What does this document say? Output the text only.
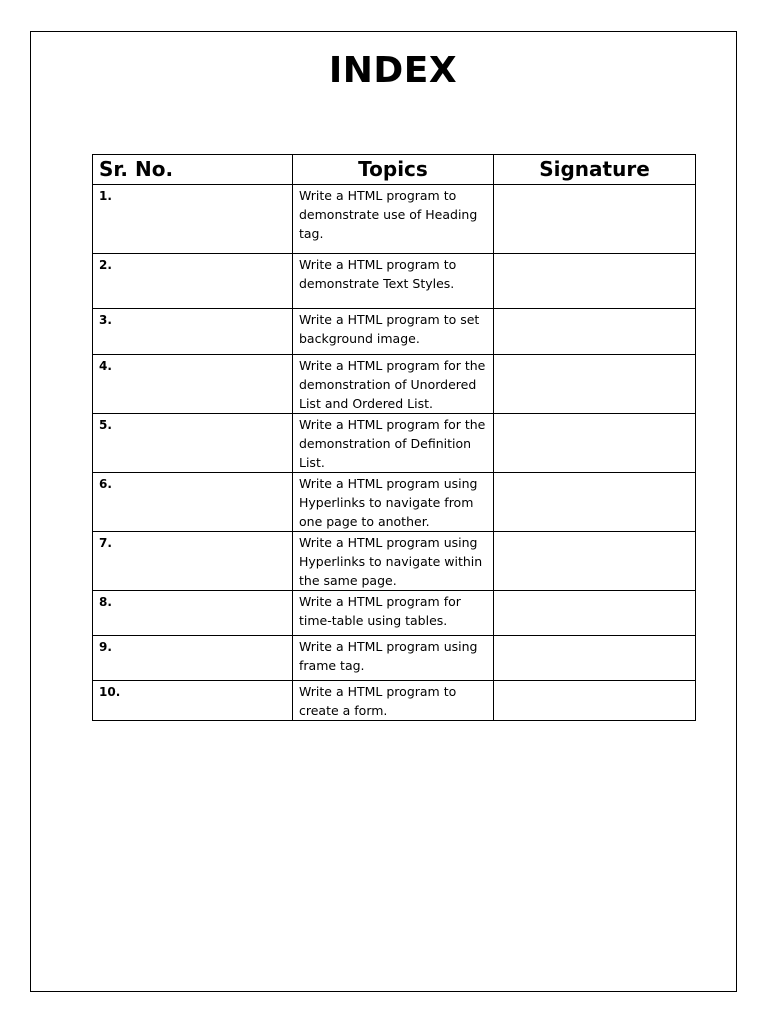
INDEX
Sr. No.	Topics	Signature
1.	Write a HTML program to demonstrate use of Heading tag.	
2.	Write a HTML program to demonstrate Text Styles.	
3.	Write a HTML program to set background image.	
4.	Write a HTML program for the demonstration of Unordered List and Ordered List.	
5.	Write a HTML program for the demonstration of Definition List.	
6.	Write a HTML program using Hyperlinks to navigate from one page to another.	
7.	Write a HTML program using Hyperlinks to navigate within the same page.	
8.	Write a HTML program for time-table using tables.	
9.	Write a HTML program using frame tag.	
10.	Write a HTML program to create a form.	
